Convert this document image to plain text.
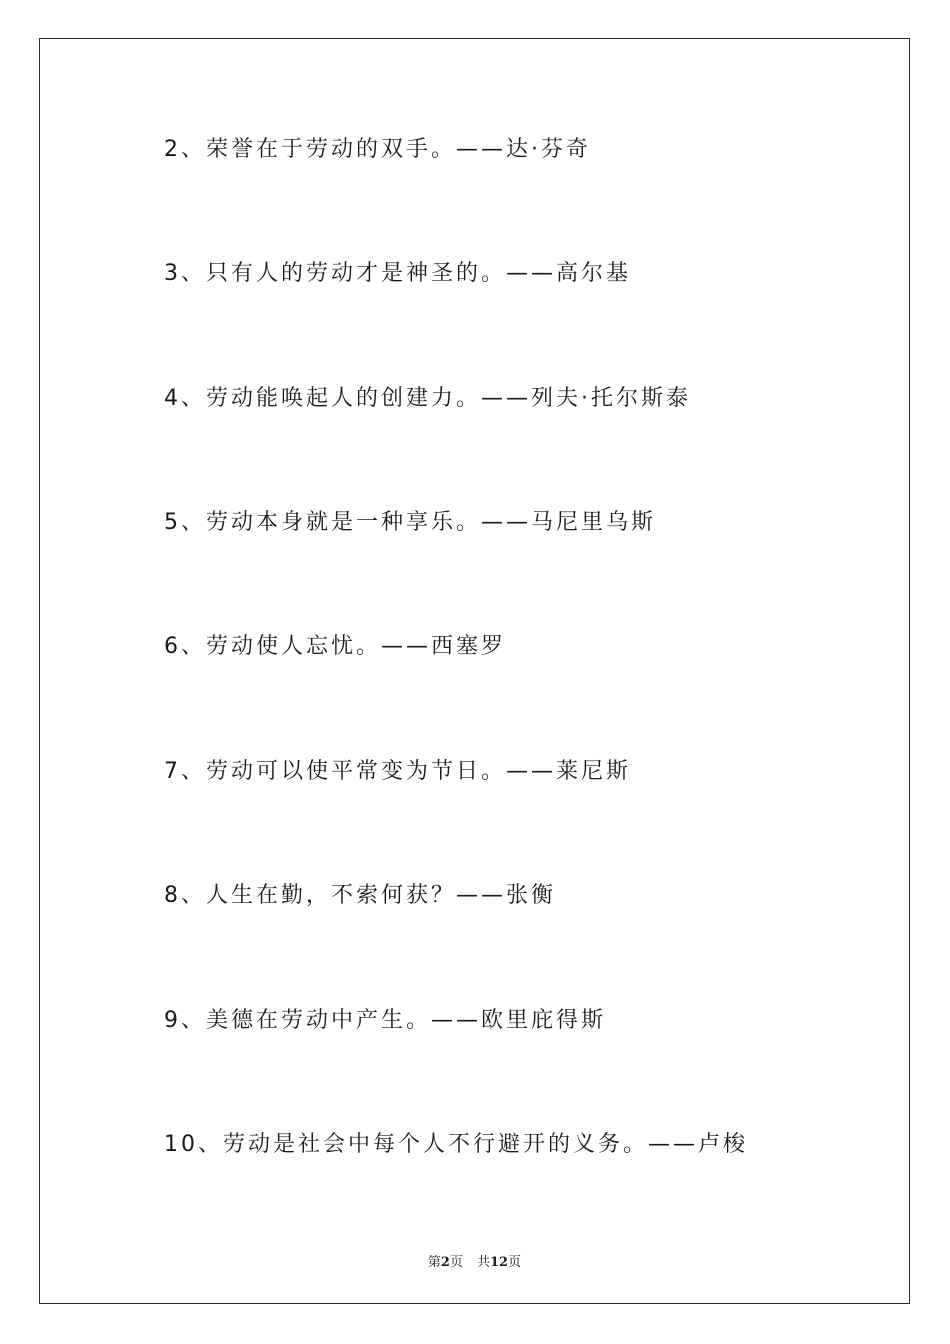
2、荣誉在于劳动的双手。——达·芬奇
3、只有人的劳动才是神圣的。——高尔基
4、劳动能唤起人的创建力。——列夫·托尔斯泰
5、劳动本身就是一种享乐。——马尼里乌斯
6、劳动使人忘忧。——西塞罗
7、劳动可以使平常变为节日。——莱尼斯
8、人生在勤，不索何获？——张衡
9、美德在劳动中产生。——欧里庇得斯
10、劳动是社会中每个人不行避开的义务。——卢梭
第2页 共12页
